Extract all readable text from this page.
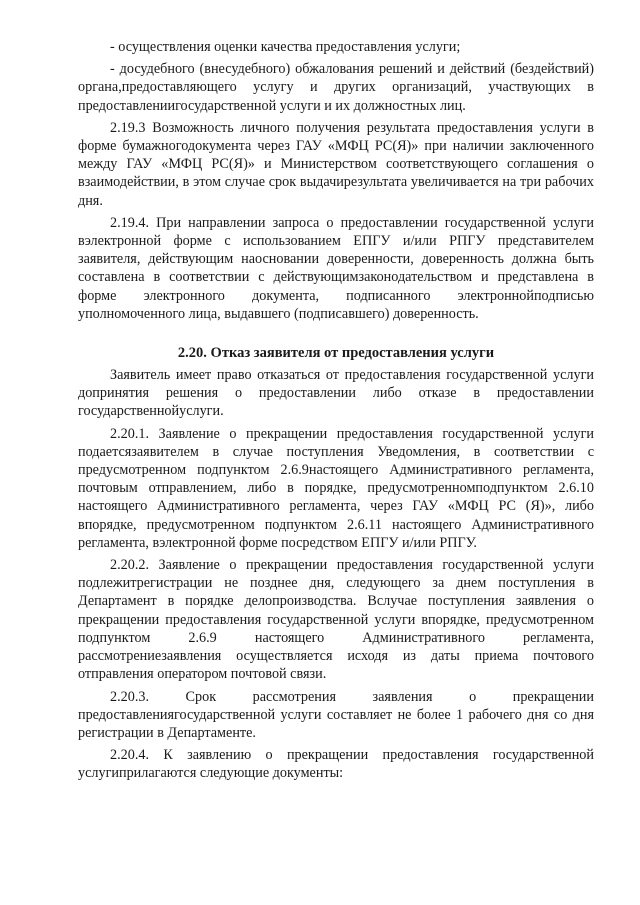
- осуществления оценки качества предоставления услуги;

- досудебного (внесудебного) обжалования решений и действий (бездействий) органа,предоставляющего услугу и других организаций, участвующих в предоставлениигосударственной услуги и их должностных лиц.

2.19.3 Возможность личного получения результата предоставления услуги в форме бумажногодокумента через ГАУ «МФЦ РС(Я)» при наличии заключенного между ГАУ «МФЦ РС(Я)» и Министерством соответствующего соглашения о взаимодействии, в этом случае срок выдачирезультата увеличивается на три рабочих дня.

2.19.4. При направлении запроса о предоставлении государственной услуги вэлектронной форме с использованием ЕПГУ и/или РПГУ представителем заявителя, действующим наосновании доверенности, доверенность должна быть составлена в соответствии с действующимзаконодательством и представлена в форме электронного документа, подписанного электроннойподписью уполномоченного лица, выдавшего (подписавшего) доверенность.

2.20. Отказ заявителя от предоставления услуги

Заявитель имеет право отказаться от предоставления государственной услуги допринятия решения о предоставлении либо отказе в предоставлении государственнойуслуги.

2.20.1. Заявление о прекращении предоставления государственной услуги подаетсязаявителем в случае поступления Уведомления, в соответствии с предусмотренном подпунктом 2.6.9настоящего Административного регламента, почтовым отправлением, либо в порядке, предусмотренномподпунктом 2.6.10 настоящего Административного регламента, через ГАУ «МФЦ РС (Я)», либо впорядке, предусмотренном подпунктом 2.6.11 настоящего Административного регламента, вэлектронной форме посредством ЕПГУ и/или РПГУ.

2.20.2. Заявление о прекращении предоставления государственной услуги подлежитрегистрации не позднее дня, следующего за днем поступления в Департамент в порядке делопроизводства. Вслучае поступления заявления о прекращении предоставления государственной услуги впорядке, предусмотренном подпунктом 2.6.9 настоящего Административного регламента, рассмотрениезаявления осуществляется исходя из даты приема почтового отправления оператором почтовой связи.

2.20.3. Срок рассмотрения заявления о прекращении предоставлениягосударственной услуги составляет не более 1 рабочего дня со дня регистрации в Департаменте.

2.20.4. К заявлению о прекращении предоставления государственной услугиприлагаются следующие документы:
